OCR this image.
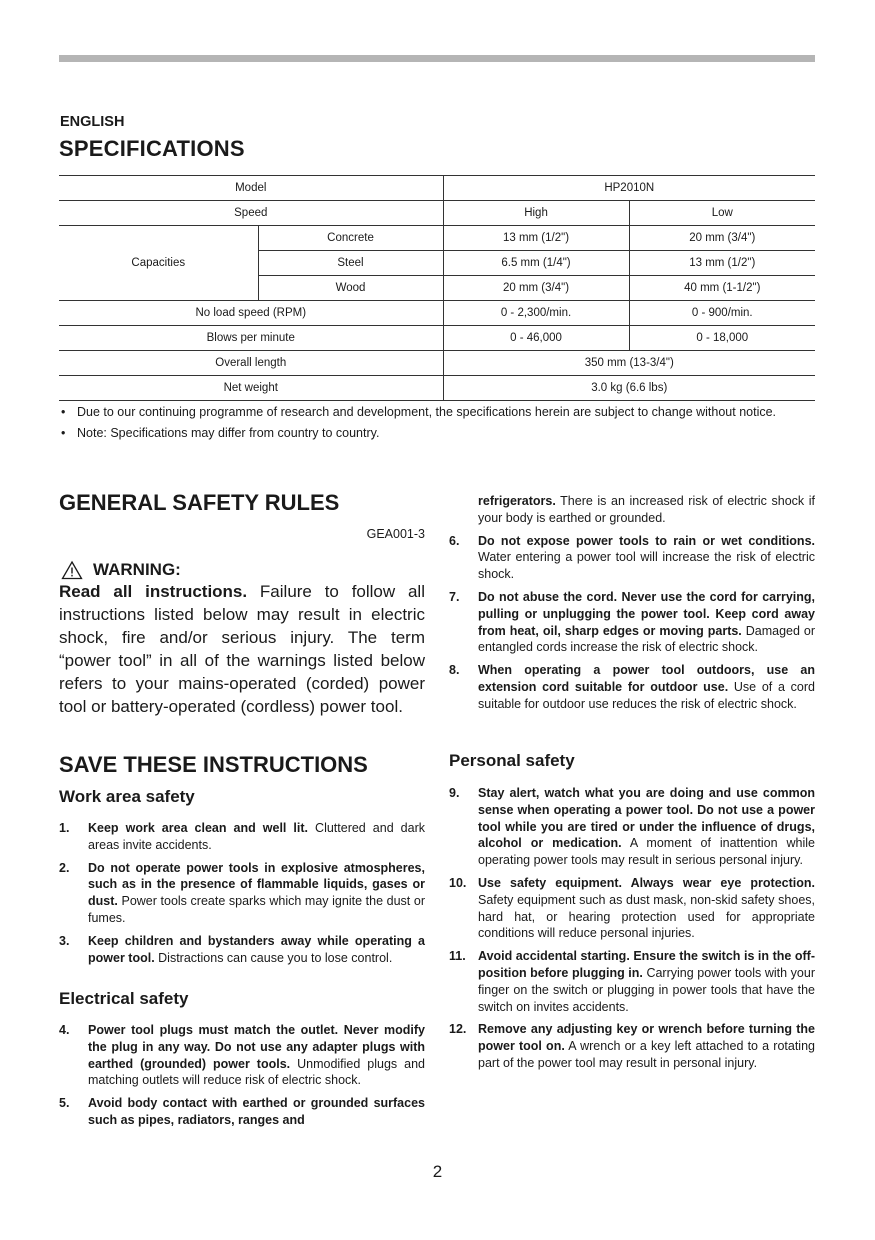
ENGLISH
SPECIFICATIONS
Model		HP2010N	
Speed		High	Low
Capacities	Concrete	13 mm (1/2")	20 mm (3/4")
	Steel	6.5 mm (1/4")	13 mm (1/2")
	Wood	20 mm (3/4")	40 mm (1-1/2")
No load speed (RPM)		0 - 2,300/min.	0 - 900/min.
Blows per minute		0 - 46,000	0 - 18,000
Overall length		350 mm (13-3/4")	
Net weight		3.0 kg (6.6 lbs)	
• Due to our continuing programme of research and development, the specifications herein are subject to change without notice.
• Note: Specifications may differ from country to country.
GENERAL SAFETY RULES
GEA001-3
WARNING:
Read all instructions. Failure to follow all instructions listed below may result in electric shock, fire and/or serious injury. The term “power tool” in all of the warnings listed below refers to your mains-operated (corded) power tool or battery-operated (cordless) power tool.
SAVE THESE INSTRUCTIONS
Work area safety
1. Keep work area clean and well lit. Cluttered and dark areas invite accidents.
2. Do not operate power tools in explosive atmospheres, such as in the presence of flammable liquids, gases or dust. Power tools create sparks which may ignite the dust or fumes.
3. Keep children and bystanders away while operating a power tool. Distractions can cause you to lose control.
Electrical safety
4. Power tool plugs must match the outlet. Never modify the plug in any way. Do not use any adapter plugs with earthed (grounded) power tools. Unmodified plugs and matching outlets will reduce risk of electric shock.
5. Avoid body contact with earthed or grounded surfaces such as pipes, radiators, ranges and
refrigerators. There is an increased risk of electric shock if your body is earthed or grounded.
6. Do not expose power tools to rain or wet conditions. Water entering a power tool will increase the risk of electric shock.
7. Do not abuse the cord. Never use the cord for carrying, pulling or unplugging the power tool. Keep cord away from heat, oil, sharp edges or moving parts. Damaged or entangled cords increase the risk of electric shock.
8. When operating a power tool outdoors, use an extension cord suitable for outdoor use. Use of a cord suitable for outdoor use reduces the risk of electric shock.
Personal safety
9. Stay alert, watch what you are doing and use common sense when operating a power tool. Do not use a power tool while you are tired or under the influence of drugs, alcohol or medication. A moment of inattention while operating power tools may result in serious personal injury.
10. Use safety equipment. Always wear eye protection. Safety equipment such as dust mask, non-skid safety shoes, hard hat, or hearing protection used for appropriate conditions will reduce personal injuries.
11. Avoid accidental starting. Ensure the switch is in the off-position before plugging in. Carrying power tools with your finger on the switch or plugging in power tools that have the switch on invites accidents.
12. Remove any adjusting key or wrench before turning the power tool on. A wrench or a key left attached to a rotating part of the power tool may result in personal injury.
2
